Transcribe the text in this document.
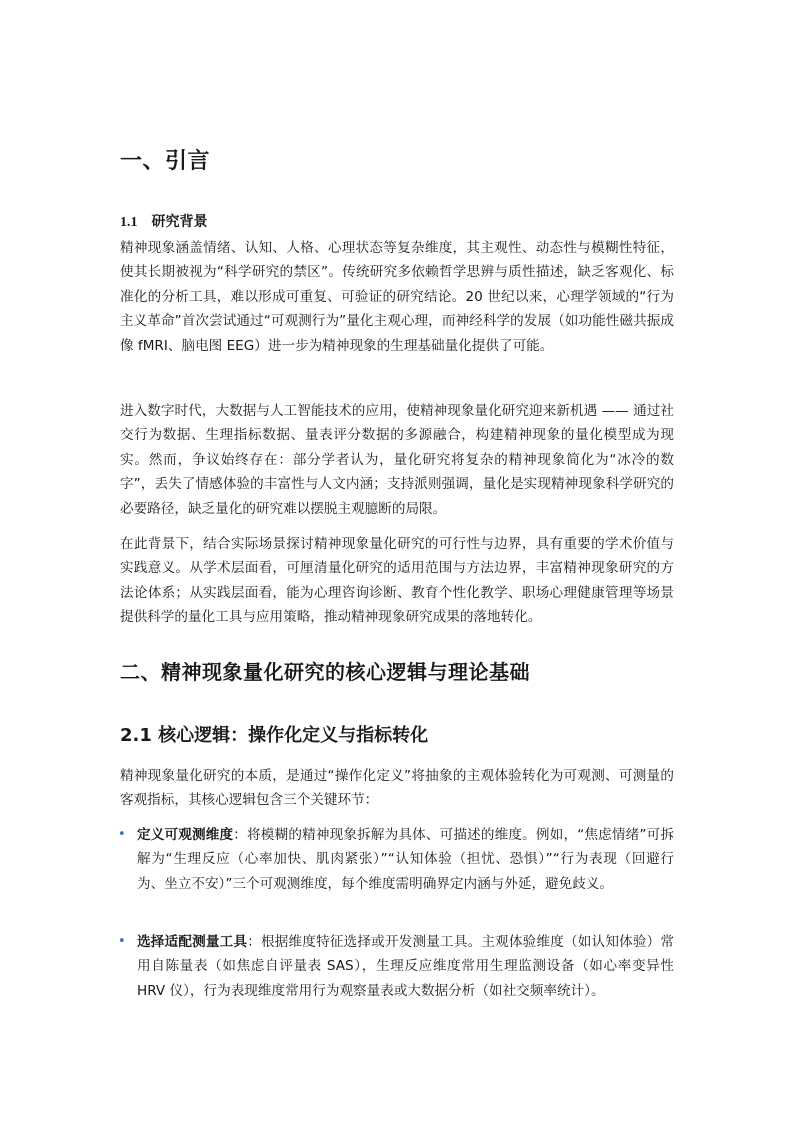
一、引言
1.1 研究背景

精神现象涵盖情绪、认知、人格、心理状态等复杂维度，其主观性、动态性与模糊性特征，使其长期被视为“科学研究的禁区”。传统研究多依赖哲学思辨与质性描述，缺乏客观化、标准化的分析工具，难以形成可重复、可验证的研究结论。20 世纪以来，心理学领域的“行为主义革命”首次尝试通过“可观测行为”量化主观心理，而神经科学的发展（如功能性磁共振成像 fMRI、脑电图 EEG）进一步为精神现象的生理基础量化提供了可能。

进入数字时代，大数据与人工智能技术的应用，使精神现象量化研究迎来新机遇 —— 通过社交行为数据、生理指标数据、量表评分数据的多源融合，构建精神现象的量化模型成为现实。然而，争议始终存在：部分学者认为，量化研究将复杂的精神现象简化为“冰冷的数字”，丢失了情感体验的丰富性与人文内涵；支持派则强调，量化是实现精神现象科学研究的必要路径，缺乏量化的研究难以摆脱主观臆断的局限。

在此背景下，结合实际场景探讨精神现象量化研究的可行性与边界，具有重要的学术价值与实践意义。从学术层面看，可厘清量化研究的适用范围与方法边界，丰富精神现象研究的方法论体系；从实践层面看，能为心理咨询诊断、教育个性化教学、职场心理健康管理等场景提供科学的量化工具与应用策略，推动精神现象研究成果的落地转化。

二、精神现象量化研究的核心逻辑与理论基础
2.1 核心逻辑：操作化定义与指标转化

精神现象量化研究的本质，是通过“操作化定义”将抽象的主观体验转化为可观测、可测量的客观指标，其核心逻辑包含三个关键环节：

• 定义可观测维度：将模糊的精神现象拆解为具体、可描述的维度。例如，“焦虑情绪”可拆解为“生理反应（心率加快、肌肉紧张）”“认知体验（担忧、恐惧）”“行为表现（回避行为、坐立不安）”三个可观测维度，每个维度需明确界定内涵与外延，避免歧义。
• 选择适配测量工具：根据维度特征选择或开发测量工具。主观体验维度（如认知体验）常用自陈量表（如焦虑自评量表 SAS），生理反应维度常用生理监测设备（如心率变异性 HRV 仪），行为表现维度常用行为观察量表或大数据分析（如社交频率统计）。
